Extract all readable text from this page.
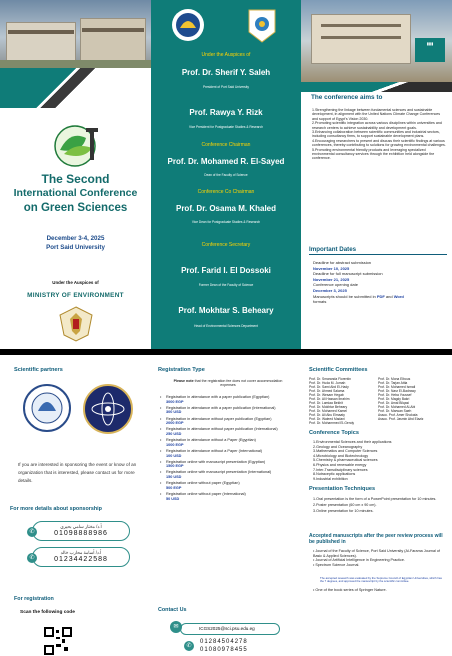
The Second
International Conference
on Green Sciences
December 3-4, 2025
Port Said University
Under the Auspices of
MINISTRY OF ENVIRONMENT
Under the Auspices of
Prof. Dr. Sherif Y. Saleh
President of Port Said University
Prof. Rawya Y. Rizk
Vice President for Postgraduate Studies & Research
Conference Chairman
Prof. Dr. Mohamed R. El-Sayed
Dean of the Faculty of Science
Conference Co Chairman
Prof. Dr. Osama M. Khaled
Vice Dean for Postgraduate Studies & Research
Conference Secretary
Prof. Farid I. El Dossoki
Former Dean of the Faculty of Science
Prof. Mokhtar S. Beheary
Head of Environmental Sciences Department
▮▮▮
The conference aims to
1.Strengthening the linkage between fundamental sciences and sustainable development, in alignment with the United Nations Climate Change Conferences and support of Egypt's Vision 2030.
2.Promoting scientific integration across various disciplines within universities and research centers to achieve sustainability and development goals.
3.Enhancing collaboration between scientific communities and industrial sectors, including consultancy firms, to support sustainable development plans.
4.Encouraging researchers to present and discuss their scientific findings at various conferences, thereby contributing to solutions for growing environmental challenges.
5.Promoting environmental friendly products and leveraging specialized environmental consultancy services through the exhibition held alongside the conference.
Important Dates
Deadline for abstract submission
November 10, 2025
Deadline for full manuscript submission
November 21, 2025
Conference opening date
December 3, 2025
Manuscripts should be submitted in PDF and Word
formats
Scientific partners
If you are interested in sponsoring the event or know of an organization that is interested, please contact us for more details.
For more details about sponsorship
أ.د/ مختار سامي بحيري
01098888986
✆
أ.د/ أسامة محارب خالد
01234422588
✆
For registration
Scan the following code
Registration Type
Please note that the registration fee does not cover accommodation expenses
• Registration in attendance with a paper publication (Egyptian)
3000 EGP
• Registration in attendance with a paper publication (International)
300 USD
• Registration in attendance without paper publication (Egyptian)
2000 EGP
• Registration in attendance without paper publication (International)
250 USD
• Registration in attendance without a Paper (Egyptian)
1000 EGP
• Registration in attendance without a Paper (International)
100 USD
• Registration online with manuscript presentation (Egyptian)
1500 EGP
• Registration online with manuscript presentation (International)
150 USD
• Registration online without paper (Egyptian)
500 EGP
• Registration online without paper (International)
50 USD
Contact Us
ICGS2025@sci.psu.edu.eg
✉
01284504278
01080978455
✆
Scientific Committees
Prof. Dr. Smaranda Florentin
Prof. Dr. Huda M. Jumah
Prof. Dr. Sami Abd El-Hady
Prof. Dr. Ahmed Salama
Prof. Dr. Wesam Hegab
Prof. Dr. Ali Hassan Ibrahim
Prof. Dr. Lamiaa Bekhit
Prof. Dr. Mokhtar Beheary
Prof. Dr. Mohamed Kamel
Prof. Dr. Ali Abu Elmaaty
Prof. Dr. Waleed Madani
Prof. Dr. Mohammed El-Gendy
Prof. Dr. Mona Elbous
Prof. Dr. Tarjan Attia
Prof. Dr. Mohamed Ismail
Prof. Dr. Nasr El-Badrawy
Prof. Dr. Heba Youssef
Prof. Dr. Magdy Bakri
Prof. Dr. Amal Bilqasi
Prof. Dr. Mohamed Al-Abi
Prof. Dr. Marwan Saeh
Assoc. Prof. Amer Shokata
Assoc. Prof. Jasmin Abd Elaziz
Conference Topics
1.Environmental Sciences and their applications
2.Geology and Oceanography
3.Mathematics and Computer Sciences
4.Microbiology and Biotechnology
5.Chemistry & pharmaceutical sciences
6.Physics and renewable energy
7.Inter-Transdisciplinary sciences
8.Nutraceptic applications
9.Industrial exhibition
Presentation Techniques
1.Oral presentation is the form of a PowerPoint presentation for 10 minutes.
2.Poster presentation (60 cm x 90 cm).
3.Online presentation for 10 minutes.
Accepted manuscripts after the peer review process will be published in
• Journal of the Faculty of Science, Port Said University (Al-Farama Journal of Basic & Applied Sciences).
• Journal of Artificial Intelligence in Engineering Practice.
• Spectrum Science Journal.
The accepted research was evaluated by the Supreme Council of Egyptian Universities, which has the 7 degrees, and approved the manuscript by the scientific committee.
• One of the book series of Springer Nature.
